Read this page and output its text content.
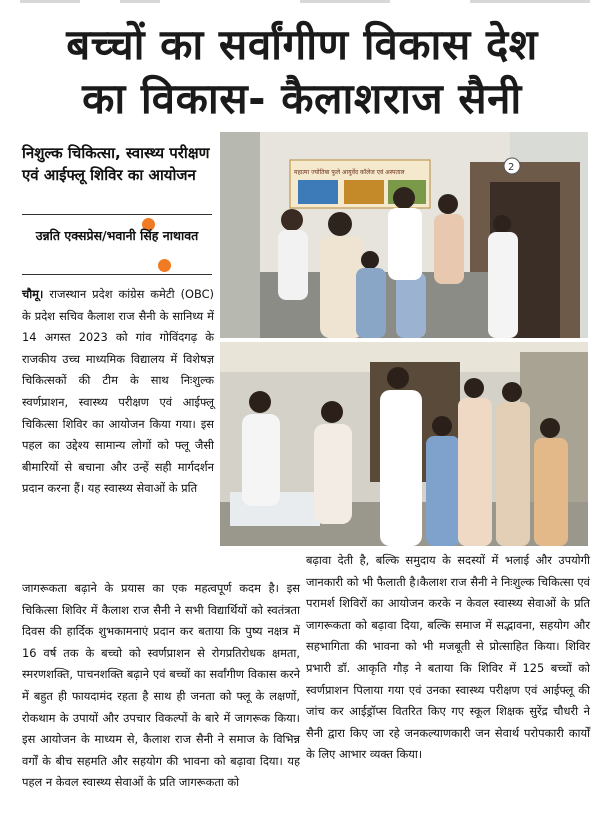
बच्चों का सर्वांगीण विकास देश
का विकास- कैलाशराज सैनी
निशुल्क चिकित्सा, स्वास्थ्य परीक्षण एवं आईफ्लू शिविर का आयोजन
उन्नति एक्सप्रेस/भवानी सिंह नाथावत
चौमू। राजस्थान प्रदेश कांग्रेस कमेटी (OBC) के प्रदेश सचिव कैलाश राज सैनी के सानिध्य में 14 अगस्त 2023 को गांव गोविंदगढ़ के राजकीय उच्च माध्यमिक विद्यालय में विशेषज्ञ चिकित्सकों की टीम के साथ निःशुल्क स्वर्णप्राशन, स्वास्थ्य परीक्षण एवं आईफ्लू चिकित्सा शिविर का आयोजन किया गया। इस पहल का उद्देश्य सामान्य लोगों को फ्लू जैसी बीमारियों से बचाना और उन्हें सही मार्गदर्शन प्रदान करना हैं। यह स्वास्थ्य सेवाओं के प्रति
जागरूकता बढ़ाने के प्रयास का एक महत्वपूर्ण कदम है। इस चिकित्सा शिविर में कैलाश राज सैनी ने सभी विद्यार्थियों को स्वतंत्रता दिवस की हार्दिक शुभकामनाएं प्रदान कर बताया कि पुष्य नक्षत्र में 16 वर्ष तक के बच्चो को स्वर्णप्राशन से रोगप्रतिरोधक क्षमता, स्मरणशक्ति, पाचनशक्ति बढ़ाने एवं बच्चों का सर्वांगीण विकास करने में बहुत ही फायदामंद रहता है साथ ही जनता को फ्लू के लक्षणों, रोकथाम के उपायों और उपचार विकल्पों के बारे में जागरूक किया। इस आयोजन के माध्यम से, कैलाश राज सैनी ने समाज के विभिन्न वर्गों के बीच सहमति और सहयोग की भावना को बढ़ावा दिया। यह पहल न केवल स्वास्थ्य सेवाओं के प्रति जागरूकता को
बढ़ावा देती है, बल्कि समुदाय के सदस्यों में भलाई और उपयोगी जानकारी को भी फैलाती है।कैलाश राज सैनी ने निःशुल्क चिकित्सा एवं परामर्श शिविरों का आयोजन करके न केवल स्वास्थ्य सेवाओं के प्रति जागरूकता को बढ़ावा दिया, बल्कि समाज में सद्भावना, सहयोग और सहभागिता की भावना को भी मजबूती से प्रोत्साहित किया। शिविर प्रभारी डॉ. आकृति गौड़ ने बताया कि शिविर में 125 बच्चों को स्वर्णप्राशन पिलाया गया एवं उनका स्वास्थ्य परीक्षण एवं आईफ्लू की जांच कर आईड्रॉप्स वितरित किए गए स्कूल शिक्षक सुरेंद्र चौधरी ने सैनी द्वारा किए जा रहे जनकल्याणकारी जन सेवार्थ परोपकारी कार्यों के लिए आभार व्यक्त किया।
2
महात्मा ज्योतिबा फुले आयुर्वेद कॉलेज एवं अस्पताल
